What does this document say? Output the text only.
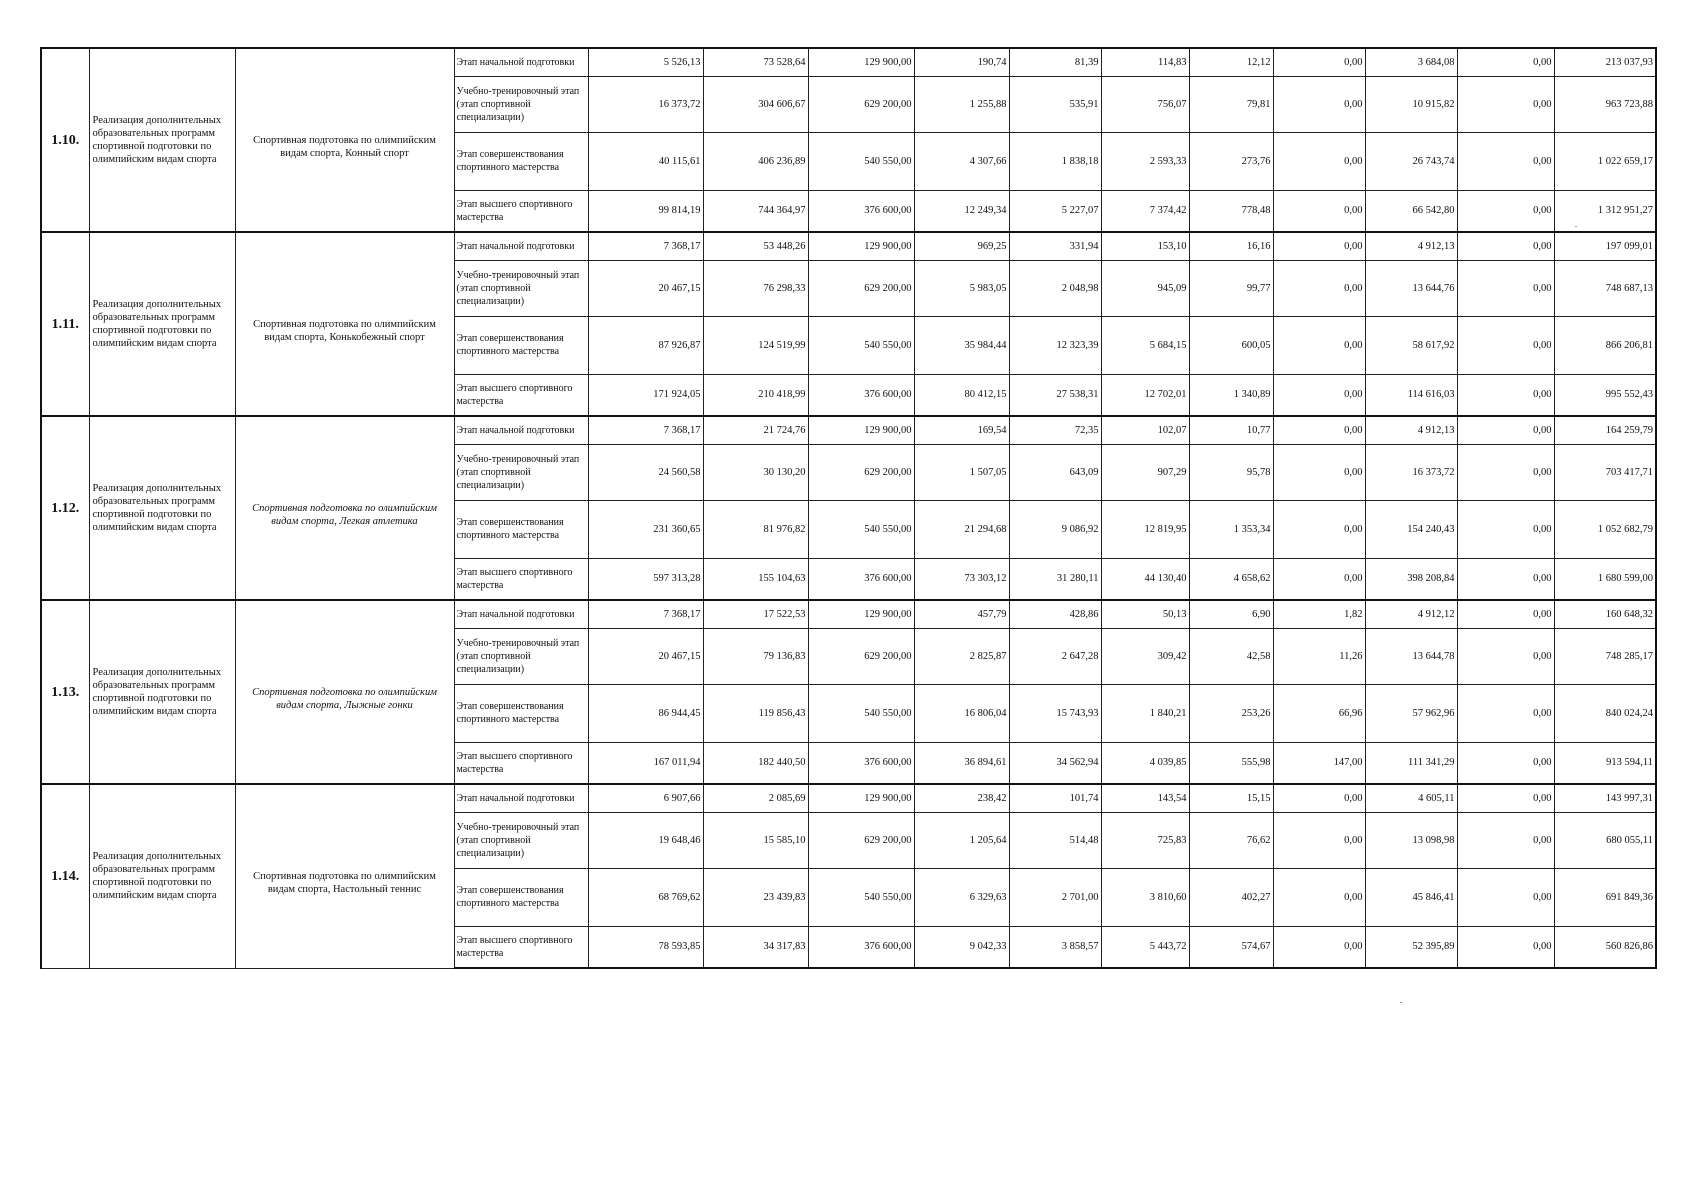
1.10.	Реализация дополнительных образовательных программ спортивной подготовки по олимпийским видам спорта	Спортивная подготовка по олимпийским видам спорта, Конный спорт	Этап начальной подготовки	5 526,13	73 528,64	129 900,00	190,74	81,39	114,83	12,12	0,00	3 684,08	0,00	213 037,93
			Учебно-тренировочный этап (этап спортивной специализации)	16 373,72	304 606,67	629 200,00	1 255,88	535,91	756,07	79,81	0,00	10 915,82	0,00	963 723,88
			Этап совершенствования спортивного мастерства	40 115,61	406 236,89	540 550,00	4 307,66	1 838,18	2 593,33	273,76	0,00	26 743,74	0,00	1 022 659,17
			Этап высшего спортивного мастерства	99 814,19	744 364,97	376 600,00	12 249,34	5 227,07	7 374,42	778,48	0,00	66 542,80	0,00	1 312 951,27
1.11.	Реализация дополнительных образовательных программ спортивной подготовки по олимпийским видам спорта	Спортивная подготовка по олимпийским видам спорта, Конькобежный спорт	Этап начальной подготовки	7 368,17	53 448,26	129 900,00	969,25	331,94	153,10	16,16	0,00	4 912,13	0,00	197 099,01
			Учебно-тренировочный этап (этап спортивной специализации)	20 467,15	76 298,33	629 200,00	5 983,05	2 048,98	945,09	99,77	0,00	13 644,76	0,00	748 687,13
			Этап совершенствования спортивного мастерства	87 926,87	124 519,99	540 550,00	35 984,44	12 323,39	5 684,15	600,05	0,00	58 617,92	0,00	866 206,81
			Этап высшего спортивного мастерства	171 924,05	210 418,99	376 600,00	80 412,15	27 538,31	12 702,01	1 340,89	0,00	114 616,03	0,00	995 552,43
1.12.	Реализация дополнительных образовательных программ спортивной подготовки по олимпийским видам спорта	Спортивная подготовка по олимпийским видам спорта, Легкая атлетика	Этап начальной подготовки	7 368,17	21 724,76	129 900,00	169,54	72,35	102,07	10,77	0,00	4 912,13	0,00	164 259,79
			Учебно-тренировочный этап (этап спортивной специализации)	24 560,58	30 130,20	629 200,00	1 507,05	643,09	907,29	95,78	0,00	16 373,72	0,00	703 417,71
			Этап совершенствования спортивного мастерства	231 360,65	81 976,82	540 550,00	21 294,68	9 086,92	12 819,95	1 353,34	0,00	154 240,43	0,00	1 052 682,79
			Этап высшего спортивного мастерства	597 313,28	155 104,63	376 600,00	73 303,12	31 280,11	44 130,40	4 658,62	0,00	398 208,84	0,00	1 680 599,00
1.13.	Реализация дополнительных образовательных программ спортивной подготовки по олимпийским видам спорта	Спортивная подготовка по олимпийским видам спорта, Лыжные гонки	Этап начальной подготовки	7 368,17	17 522,53	129 900,00	457,79	428,86	50,13	6,90	1,82	4 912,12	0,00	160 648,32
			Учебно-тренировочный этап (этап спортивной специализации)	20 467,15	79 136,83	629 200,00	2 825,87	2 647,28	309,42	42,58	11,26	13 644,78	0,00	748 285,17
			Этап совершенствования спортивного мастерства	86 944,45	119 856,43	540 550,00	16 806,04	15 743,93	1 840,21	253,26	66,96	57 962,96	0,00	840 024,24
			Этап высшего спортивного мастерства	167 011,94	182 440,50	376 600,00	36 894,61	34 562,94	4 039,85	555,98	147,00	111 341,29	0,00	913 594,11
1.14.	Реализация дополнительных образовательных программ спортивной подготовки по олимпийским видам спорта	Спортивная подготовка по олимпийским видам спорта, Настольный теннис	Этап начальной подготовки	6 907,66	2 085,69	129 900,00	238,42	101,74	143,54	15,15	0,00	4 605,11	0,00	143 997,31
			Учебно-тренировочный этап (этап спортивной специализации)	19 648,46	15 585,10	629 200,00	1 205,64	514,48	725,83	76,62	0,00	13 098,98	0,00	680 055,11
			Этап совершенствования спортивного мастерства	68 769,62	23 439,83	540 550,00	6 329,63	2 701,00	3 810,60	402,27	0,00	45 846,41	0,00	691 849,36
			Этап высшего спортивного мастерства	78 593,85	34 317,83	376 600,00	9 042,33	3 858,57	5 443,72	574,67	0,00	52 395,89	0,00	560 826,86
